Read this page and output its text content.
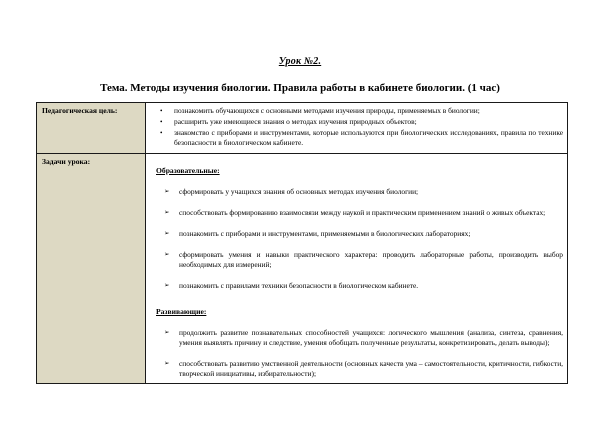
Урок №2.

Тема. Методы изучения биологии. Правила работы в кабинете биологии. (1 час)

Педагогическая цель:	•	познакомить обучающихся с основными методами изучения природы, применяемых в биологии;
•	расширить уже имеющиеся знания о методах изучения природных объектов;
•	знакомство с приборами и инструментами, которые используются при биологических исследованиях, правила по технике безопасности в биологическом кабинете.

Задачи урока:	
Образовательные:
➢	сформировать у учащихся знания об основных методах изучения биологии;
➢	способствовать формированию взаимосвязи между наукой и практическим применением знаний о живых объектах;
➢	познакомить с приборами и инструментами, применяемыми в биологических лабораториях;
➢	сформировать умения и навыки практического характера: проводить лабораторные работы, производить выбор необходимых для измерений;
➢	познакомить с правилами техники безопасности в биологическом кабинете.
Развивающие:
➢	продолжить развитие познавательных способностей учащихся: логического мышления (анализа, синтеза, сравнения, умения выявлять причину и следствие, умения обобщать полученные результаты, конкретизировать, делать выводы);
➢	способствовать развитию умственной деятельности (основных качеств ума – самостоятельности, критичности, гибкости, творческой инициативы, избирательности);
